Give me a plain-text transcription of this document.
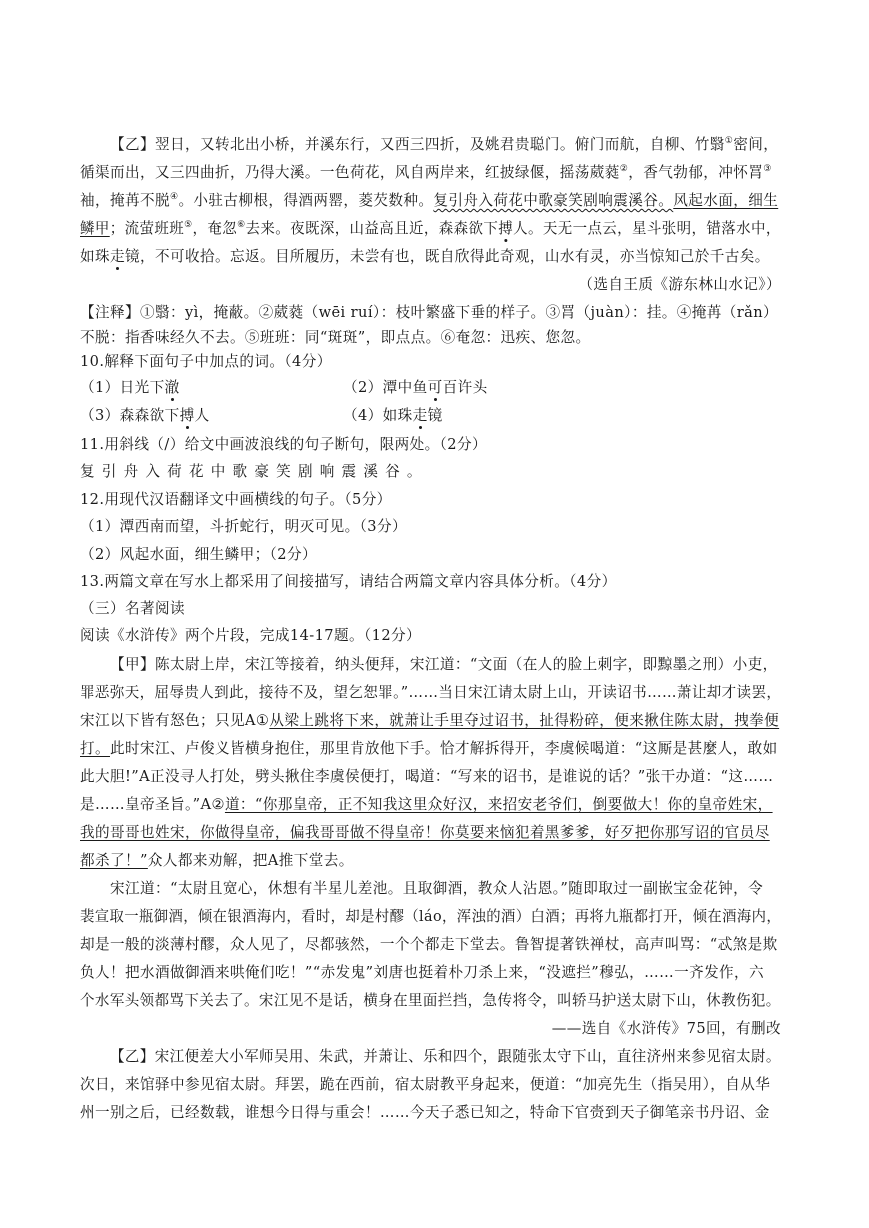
【乙】翌日，又转北出小桥，并溪东行，又西三四折，及姚君贵聪门。俯门而航，自柳、竹翳①密间，
循渠而出，又三四曲折，乃得大溪。一色荷花，风自两岸来，红披绿偃，摇荡葳蕤②，香气勃郁，冲怀罥③
袖，掩苒不脱④。小驻古柳根，得酒两罂，菱芡数种。复引舟入荷花中歌豪笑剧响震溪谷。风起水面，细生
鳞甲；流萤班班⑤，奄忽⑥去来。夜既深，山益高且近，森森欲下搏人。天无一点云，星斗张明，错落水中，
如珠走镜，不可收拾。忘返。目所履历，未尝有也，既自欣得此奇观，山水有灵，亦当惊知己於千古矣。
（选自王质《游东林山水记》）
【注释】①翳：yì，掩蔽。②葳蕤（wēi ruí）：枝叶繁盛下垂的样子。③罥（juàn）：挂。④掩苒（rǎn）
不脱：指香味经久不去。⑤班班：同“斑斑”，即点点。⑥奄忽：迅疾、您忽。
10.解释下面句子中加点的词。（4分）
（1）日光下澈	（2）潭中鱼可百许头
（3）森森欲下搏人	（4）如珠走镜
11.用斜线（/）给文中画波浪线的句子断句，限两处。（2分）
复引舟入荷花中歌豪笑剧响震溪谷。
12.用现代汉语翻译文中画横线的句子。（5分）
（1）潭西南而望，斗折蛇行，明灭可见。（3分）
（2）风起水面，细生鳞甲；（2分）
13.两篇文章在写水上都采用了间接描写，请结合两篇文章内容具体分析。（4分）
（三）名著阅读
阅读《水浒传》两个片段，完成14-17题。（12分）
【甲】陈太尉上岸，宋江等接着，纳头便拜，宋江道：“文面（在人的脸上刺字，即黥墨之刑）小吏，
罪恶弥天，屈辱贵人到此，接待不及，望乞恕罪。”……当日宋江请太尉上山，开读诏书……萧让却才读罢，
宋江以下皆有怒色；只见A①从梁上跳将下来，就萧让手里夺过诏书，扯得粉碎，便来揪住陈太尉，拽拳便
打。此时宋江、卢俊义皆横身抱住，那里肯放他下手。恰才解拆得开，李虞候喝道：“这厮是甚麼人，敢如
此大胆!”A正没寻人打处，劈头揪住李虞侯便打，喝道：“写来的诏书，是谁说的话？”张干办道：“这……
是……皇帝圣旨。”A②道：“你那皇帝，正不知我这里众好汉，来招安老爷们，倒要做大！你的皇帝姓宋，
我的哥哥也姓宋，你做得皇帝，偏我哥哥做不得皇帝！你莫要来恼犯着黑爹爹，好歹把你那写诏的官员尽
都杀了！”众人都来劝解，把A推下堂去。
宋江道：“太尉且宽心，休想有半星儿差池。且取御酒，教众人沾恩。”随即取过一副嵌宝金花钟，令
裴宣取一瓶御酒，倾在银酒海内，看时，却是村醪（láo，浑浊的酒）白酒；再将九瓶都打开，倾在酒海内，
却是一般的淡薄村醪，众人见了，尽都骇然，一个个都走下堂去。鲁智提著铁禅杖，高声叫骂：“忒煞是欺
负人！把水酒做御酒来哄俺们吃！”“赤发鬼”刘唐也挺着朴刀杀上来，“没遮拦”穆弘，……一齐发作，六
个水军头领都骂下关去了。宋江见不是话，横身在里面拦挡，急传将令，叫轿马护送太尉下山，休教伤犯。
——选自《水浒传》75回，有删改
【乙】宋江便差大小军师吴用、朱武，并萧让、乐和四个，跟随张太守下山，直往济州来参见宿太尉。
次日，来馆驿中参见宿太尉。拜罢，跪在西前，宿太尉教平身起来，便道：“加亮先生（指吴用），自从华
州一别之后，已经数载，谁想今日得与重会！……今天子悉已知之，特命下官赍到天子御笔亲书丹诏、金
